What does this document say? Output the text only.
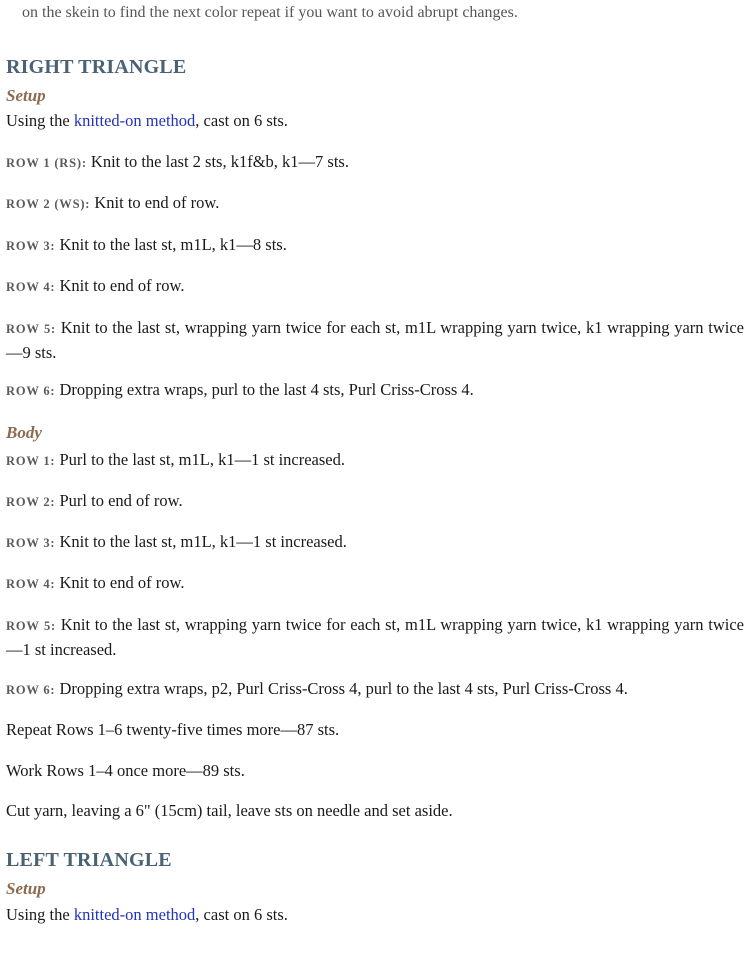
on the skein to find the next color repeat if you want to avoid abrupt changes.
RIGHT TRIANGLE
Setup
Using the knitted-on method, cast on 6 sts.
ROW 1 (RS): Knit to the last 2 sts, k1f&b, k1—7 sts.
ROW 2 (WS): Knit to end of row.
ROW 3: Knit to the last st, m1L, k1—8 sts.
ROW 4: Knit to end of row.
ROW 5: Knit to the last st, wrapping yarn twice for each st, m1L wrapping yarn twice, k1 wrapping yarn twice—9 sts.
ROW 6: Dropping extra wraps, purl to the last 4 sts, Purl Criss-Cross 4.
Body
ROW 1: Purl to the last st, m1L, k1—1 st increased.
ROW 2: Purl to end of row.
ROW 3: Knit to the last st, m1L, k1—1 st increased.
ROW 4: Knit to end of row.
ROW 5: Knit to the last st, wrapping yarn twice for each st, m1L wrapping yarn twice, k1 wrapping yarn twice—1 st increased.
ROW 6: Dropping extra wraps, p2, Purl Criss-Cross 4, purl to the last 4 sts, Purl Criss-Cross 4.
Repeat Rows 1–6 twenty-five times more—87 sts.
Work Rows 1–4 once more—89 sts.
Cut yarn, leaving a 6" (15cm) tail, leave sts on needle and set aside.
LEFT TRIANGLE
Setup
Using the knitted-on method, cast on 6 sts.
